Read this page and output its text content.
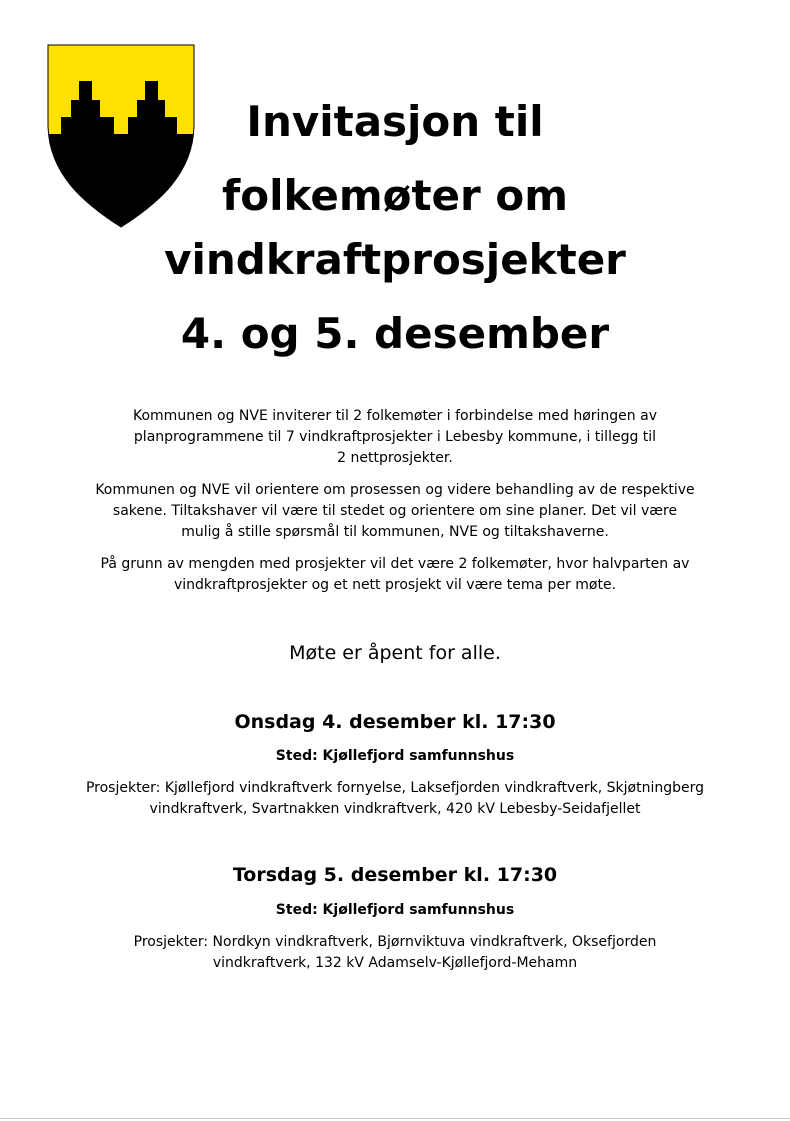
Invitasjon til
folkemøter om
vindkraftprosjekter
4. og 5. desember

Kommunen og NVE inviterer til 2 folkemøter i forbindelse med høringen av planprogrammene til 7 vindkraftprosjekter i Lebesby kommune, i tillegg til 2 nettprosjekter.

Kommunen og NVE vil orientere om prosessen og videre behandling av de respektive sakene. Tiltakshaver vil være til stedet og orientere om sine planer. Det vil være mulig å stille spørsmål til kommunen, NVE og tiltakshaverne.

På grunn av mengden med prosjekter vil det være 2 folkemøter, hvor halvparten av vindkraftprosjekter og et nett prosjekt vil være tema per møte.

Møte er åpent for alle.

Onsdag 4. desember kl. 17:30

Sted: Kjøllefjord samfunnshus

Prosjekter: Kjøllefjord vindkraftverk fornyelse, Laksefjorden vindkraftverk, Skjøtningberg vindkraftverk, Svartnakken vindkraftverk, 420 kV Lebesby-Seidafjellet

Torsdag 5. desember kl. 17:30

Sted: Kjøllefjord samfunnshus

Prosjekter: Nordkyn vindkraftverk, Bjørnviktuva vindkraftverk, Oksefjorden vindkraftverk, 132 kV Adamselv-Kjøllefjord-Mehamn
